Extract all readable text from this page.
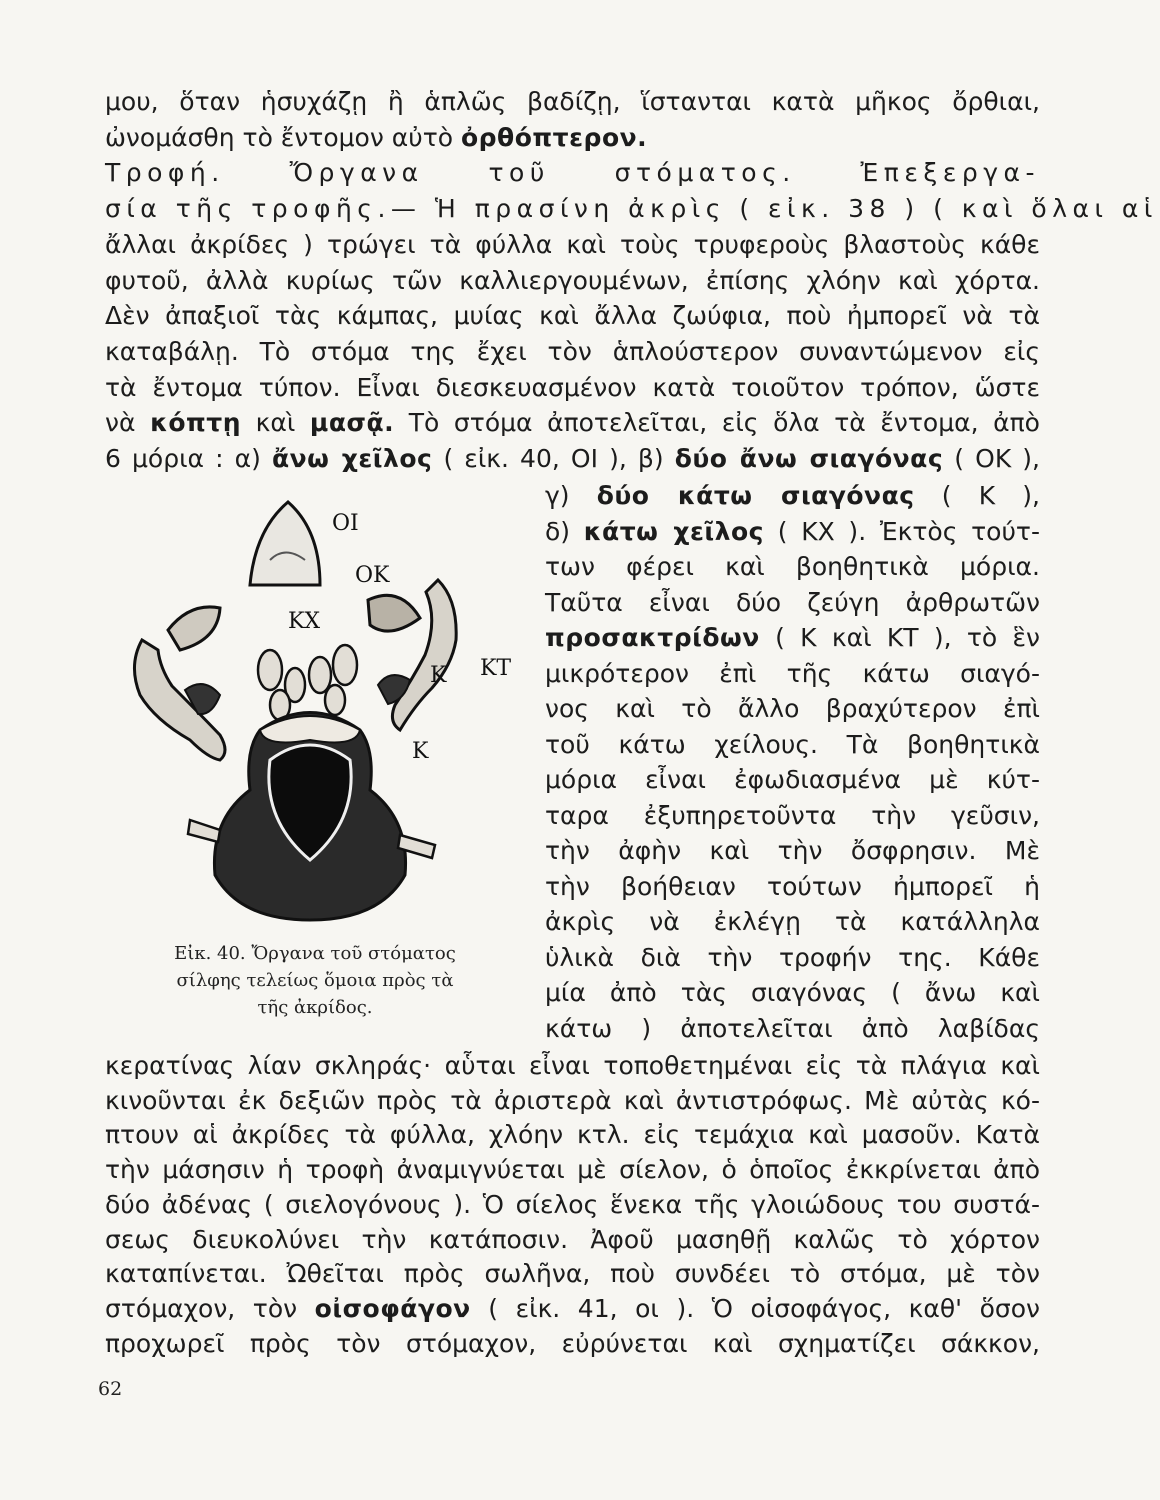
μου, ὅταν ἡσυχάζῃ ἢ ἁπλῶς βαδίζῃ, ἵστανται κατὰ μῆκος ὄρθιαι,
ὠνομάσθη τὸ ἔντομον αὐτὸ ὀρθόπτερον.
Τροφή. Ὄργανα τοῦ στόματος. Ἐπεξεργα-
σία τῆς τροφῆς.— Ἡ πρασίνη ἀκρὶς ( εἰκ. 38 ) ( καὶ ὅλαι αἱ
ἄλλαι ἀκρίδες ) τρώγει τὰ φύλλα καὶ τοὺς τρυφεροὺς βλαστοὺς κάθε
φυτοῦ, ἀλλὰ κυρίως τῶν καλλιεργουμένων, ἐπίσης χλόην καὶ χόρτα.
Δὲν ἀπαξιοῖ τὰς κάμπας, μυίας καὶ ἄλλα ζωύφια, ποὺ ἠμπορεῖ νὰ τὰ
καταβάλῃ. Τὸ στόμα της ἔχει τὸν ἁπλούστερον συναντώμενον εἰς
τὰ ἔντομα τύπον. Εἶναι διεσκευασμένον κατὰ τοιοῦτον τρόπον, ὥστε
νὰ κόπτῃ καὶ μασᾷ. Τὸ στόμα ἀποτελεῖται, εἰς ὅλα τὰ ἔντομα, ἀπὸ
6 μόρια : α) ἄνω χεῖλος ( εἰκ. 40, ΟΙ ), β) δύο ἄνω σιαγόνας ( ΟΚ ),
γ) δύο κάτω σιαγόνας ( Κ ),
δ) κάτω χεῖλος ( ΚΧ ). Ἐκτὸς τούτ-
των φέρει καὶ βοηθητικὰ μόρια.
Ταῦτα εἶναι δύο ζεύγη ἀρθρωτῶν
προσακτρίδων ( Κ καὶ ΚΤ ), τὸ ἓν
μικρότερον ἐπὶ τῆς κάτω σιαγό-
νος καὶ τὸ ἄλλο βραχύτερον ἐπὶ
τοῦ κάτω χείλους. Τὰ βοηθητικὰ
μόρια εἶναι ἐφωδιασμένα μὲ κύτ-
ταρα ἐξυπηρετοῦντα τὴν γεῦσιν,
τὴν ἀφὴν καὶ τὴν ὄσφρησιν. Μὲ
τὴν βοήθειαν τούτων ἠμπορεῖ ἡ
ἀκρὶς νὰ ἐκλέγῃ τὰ κατάλληλα
ὑλικὰ διὰ τὴν τροφήν της. Κάθε
μία ἀπὸ τὰς σιαγόνας ( ἄνω καὶ
κάτω ) ἀποτελεῖται ἀπὸ λαβίδας
κερατίνας λίαν σκληράς· αὗται εἶναι τοποθετημέναι εἰς τὰ πλάγια καὶ
κινοῦνται ἐκ δεξιῶν πρὸς τὰ ἀριστερὰ καὶ ἀντιστρόφως. Μὲ αὐτὰς κό-
πτουν αἱ ἀκρίδες τὰ φύλλα, χλόην κτλ. εἰς τεμάχια καὶ μασοῦν. Κατὰ
τὴν μάσησιν ἡ τροφὴ ἀναμιγνύεται μὲ σίελον, ὁ ὁποῖος ἐκκρίνεται ἀπὸ
δύο ἀδένας ( σιελογόνους ). Ὁ σίελος ἕνεκα τῆς γλοιώδους του συστά-
σεως διευκολύνει τὴν κατάποσιν. Ἀφοῦ μασηθῇ καλῶς τὸ χόρτον
καταπίνεται. Ὠθεῖται πρὸς σωλῆνα, ποὺ συνδέει τὸ στόμα, μὲ τὸν
στόμαχον, τὸν οἰσοφάγον ( εἰκ. 41, οι ). Ὁ οἰσοφάγος, καθ' ὅσον
προχωρεῖ πρὸς τὸν στόμαχον, εὐρύνεται καὶ σχηματίζει σάκκον,
ΟΙ
ΟΚ
ΚΧ
Κ ΚΤ
Κ
Εἰκ. 40. Ὄργανα τοῦ στόματος
σίλφης τελείως ὅμοια πρὸς τὰ
τῆς ἀκρίδος.
62
